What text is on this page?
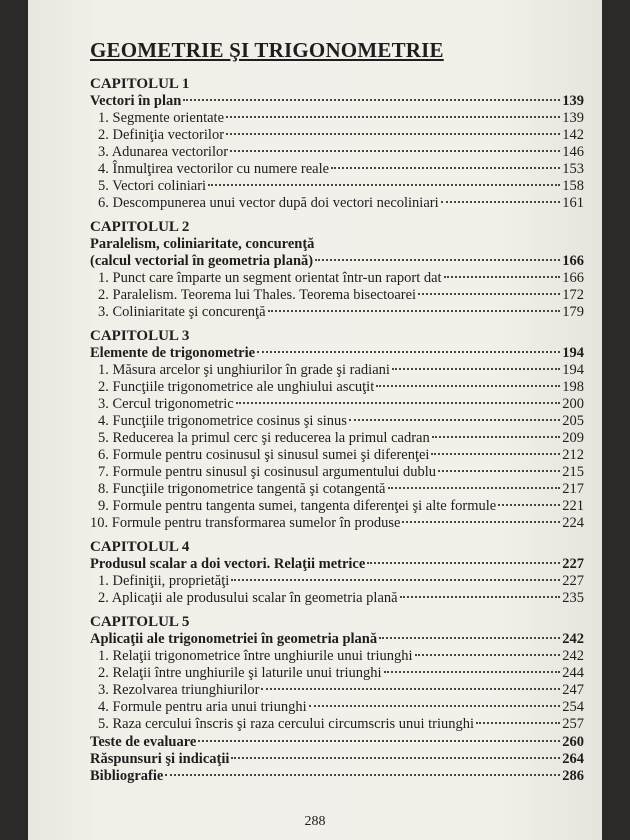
GEOMETRIE ŞI TRIGONOMETRIE
CAPITOLUL 1
Vectori în plan	139
1. Segmente orientate	139
2. Definiţia vectorilor	142
3. Adunarea vectorilor	146
4. Înmulţirea vectorilor cu numere reale	153
5. Vectori coliniari	158
6. Descompunerea unui vector după doi vectori necoliniari	161
CAPITOLUL 2
Paralelism, coliniaritate, concurenţă
(calcul vectorial în geometria plană)	166
1. Punct care împarte un segment orientat într-un raport dat	166
2. Paralelism. Teorema lui Thales. Teorema bisectoarei	172
3. Coliniaritate şi concurenţă	179
CAPITOLUL 3
Elemente de trigonometrie	194
1. Măsura arcelor şi unghiurilor în grade şi radiani	194
2. Funcţiile trigonometrice ale unghiului ascuţit	198
3. Cercul trigonometric	200
4. Funcţiile trigonometrice cosinus şi sinus	205
5. Reducerea la primul cerc şi reducerea la primul cadran	209
6. Formule pentru cosinusul şi sinusul sumei şi diferenţei	212
7. Formule pentru sinusul şi cosinusul argumentului dublu	215
8. Funcţiile trigonometrice tangentă şi cotangentă	217
9. Formule pentru tangenta sumei, tangenta diferenţei şi alte formule	221
10. Formule pentru transformarea sumelor în produse	224
CAPITOLUL 4
Produsul scalar a doi vectori. Relaţii metrice	227
1. Definiţii, proprietăţi	227
2. Aplicaţii ale produsului scalar în geometria plană	235
CAPITOLUL 5
Aplicaţii ale trigonometriei în geometria plană	242
1. Relaţii trigonometrice între unghiurile unui triunghi	242
2. Relaţii între unghiurile şi laturile unui triunghi	244
3. Rezolvarea triunghiurilor	247
4. Formule pentru aria unui triunghi	254
5. Raza cercului înscris şi raza cercului circumscris unui triunghi	257
Teste de evaluare	260
Răspunsuri şi indicaţii	264
Bibliografie	286
288
